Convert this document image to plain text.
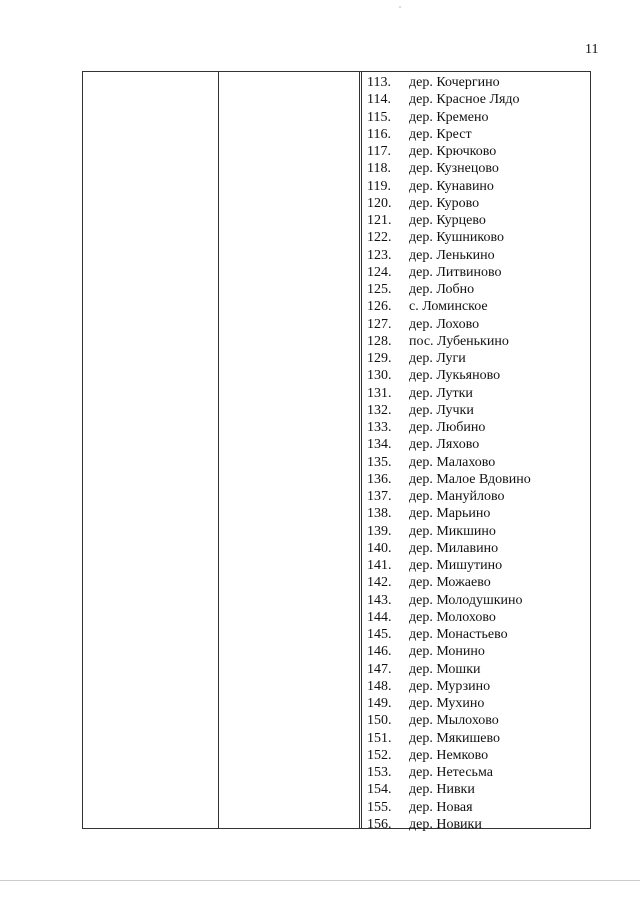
11
113.	дер. Кочергино
114.	дер. Красное Лядо
115.	дер. Кремено
116.	дер. Крест
117.	дер. Крючково
118.	дер. Кузнецово
119.	дер. Кунавино
120.	дер. Курово
121.	дер. Курцево
122.	дер. Кушниково
123.	дер. Ленькино
124.	дер. Литвиново
125.	дер. Лобно
126.	с. Ломинское
127.	дер. Лохово
128.	пос. Лубенькино
129.	дер. Луги
130.	дер. Лукьяново
131.	дер. Лутки
132.	дер. Лучки
133.	дер. Любино
134.	дер. Ляхово
135.	дер. Малахово
136.	дер. Малое Вдовино
137.	дер. Мануйлово
138.	дер. Марьино
139.	дер. Микшино
140.	дер. Милавино
141.	дер. Мишутино
142.	дер. Можаево
143.	дер. Молодушкино
144.	дер. Молохово
145.	дер. Монастьево
146.	дер. Монино
147.	дер. Мошки
148.	дер. Мурзино
149.	дер. Мухино
150.	дер. Мылохово
151.	дер. Мякишево
152.	дер. Немково
153.	дер. Нетесьма
154.	дер. Нивки
155.	дер. Новая
156.	дер. Новики
